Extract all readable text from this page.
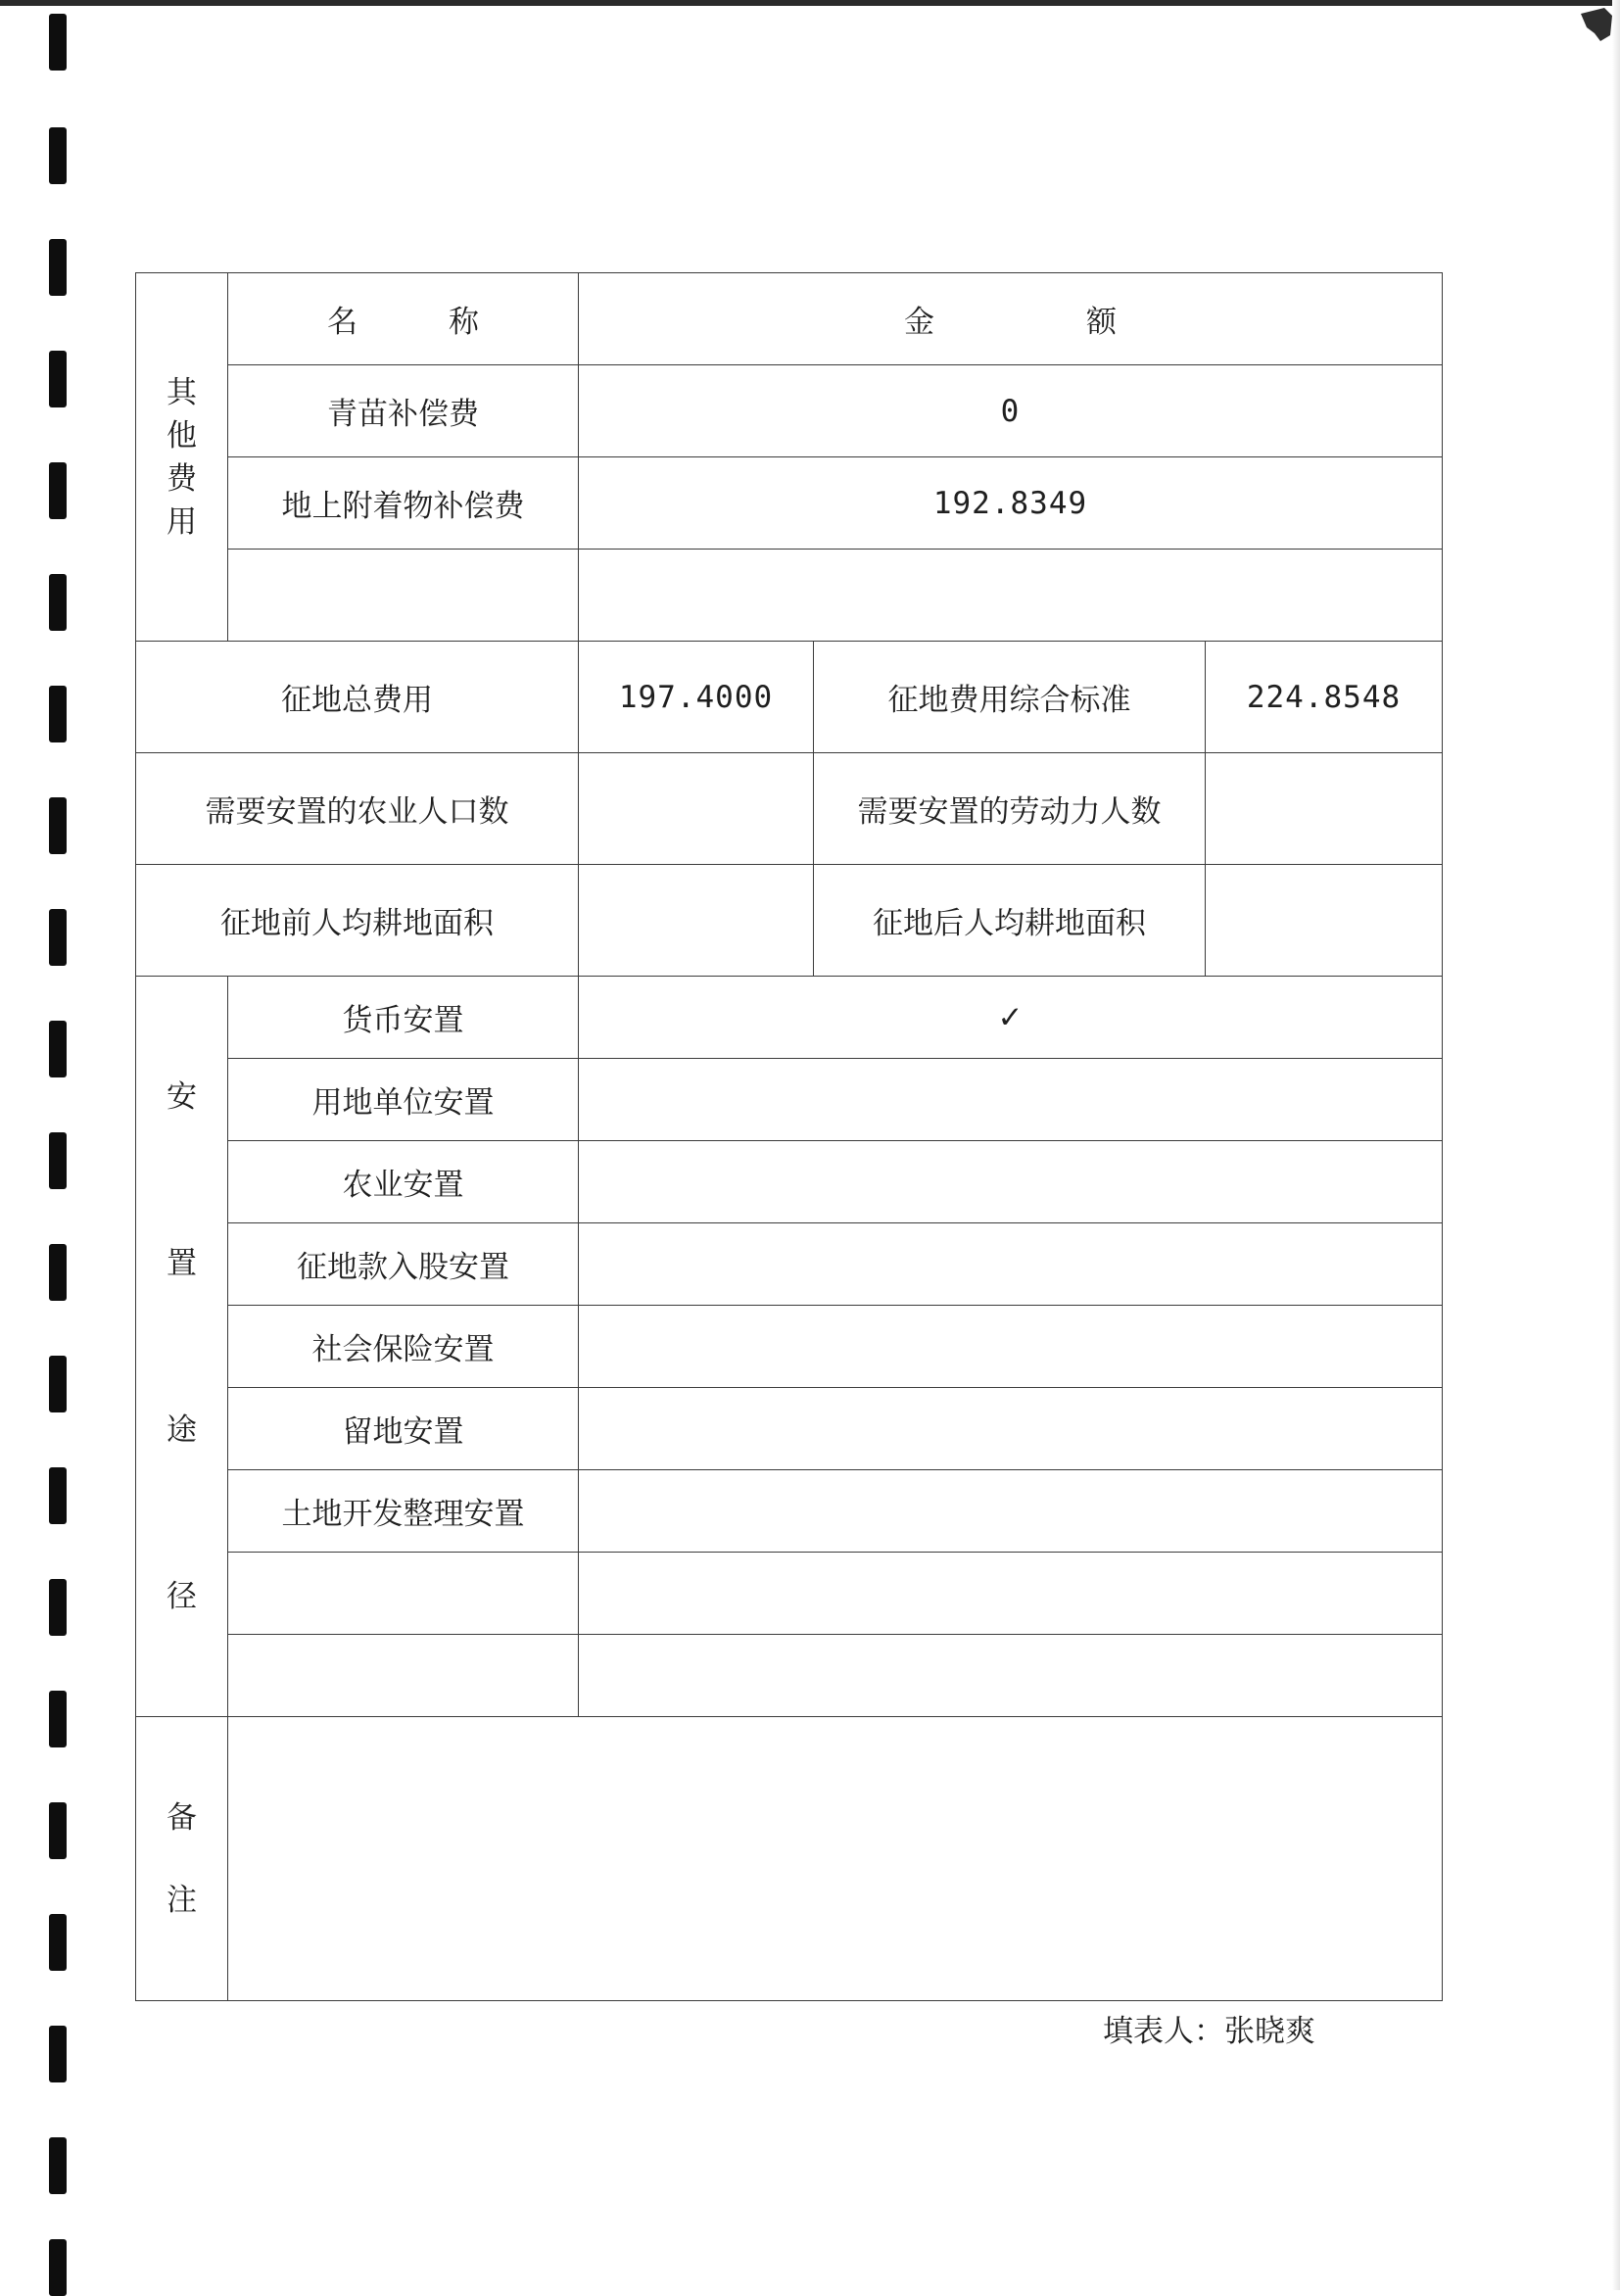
其
他
费
用	名　　　称	金　　　　　额		
	青苗补偿费	0		
	地上附着物补偿费	192.8349		

征地总费用		197.4000	征地费用综合标准	224.8548
需要安置的农业人口数			需要安置的劳动力人数	
征地前人均耕地面积			征地后人均耕地面积	

安
置
途
径	货币安置	✓		
	用地单位安置			
	农业安置			
	征地款入股安置			
	社会保险安置			
	留地安置			
	土地开发整理安置			

备
注				

填表人：张晓爽
